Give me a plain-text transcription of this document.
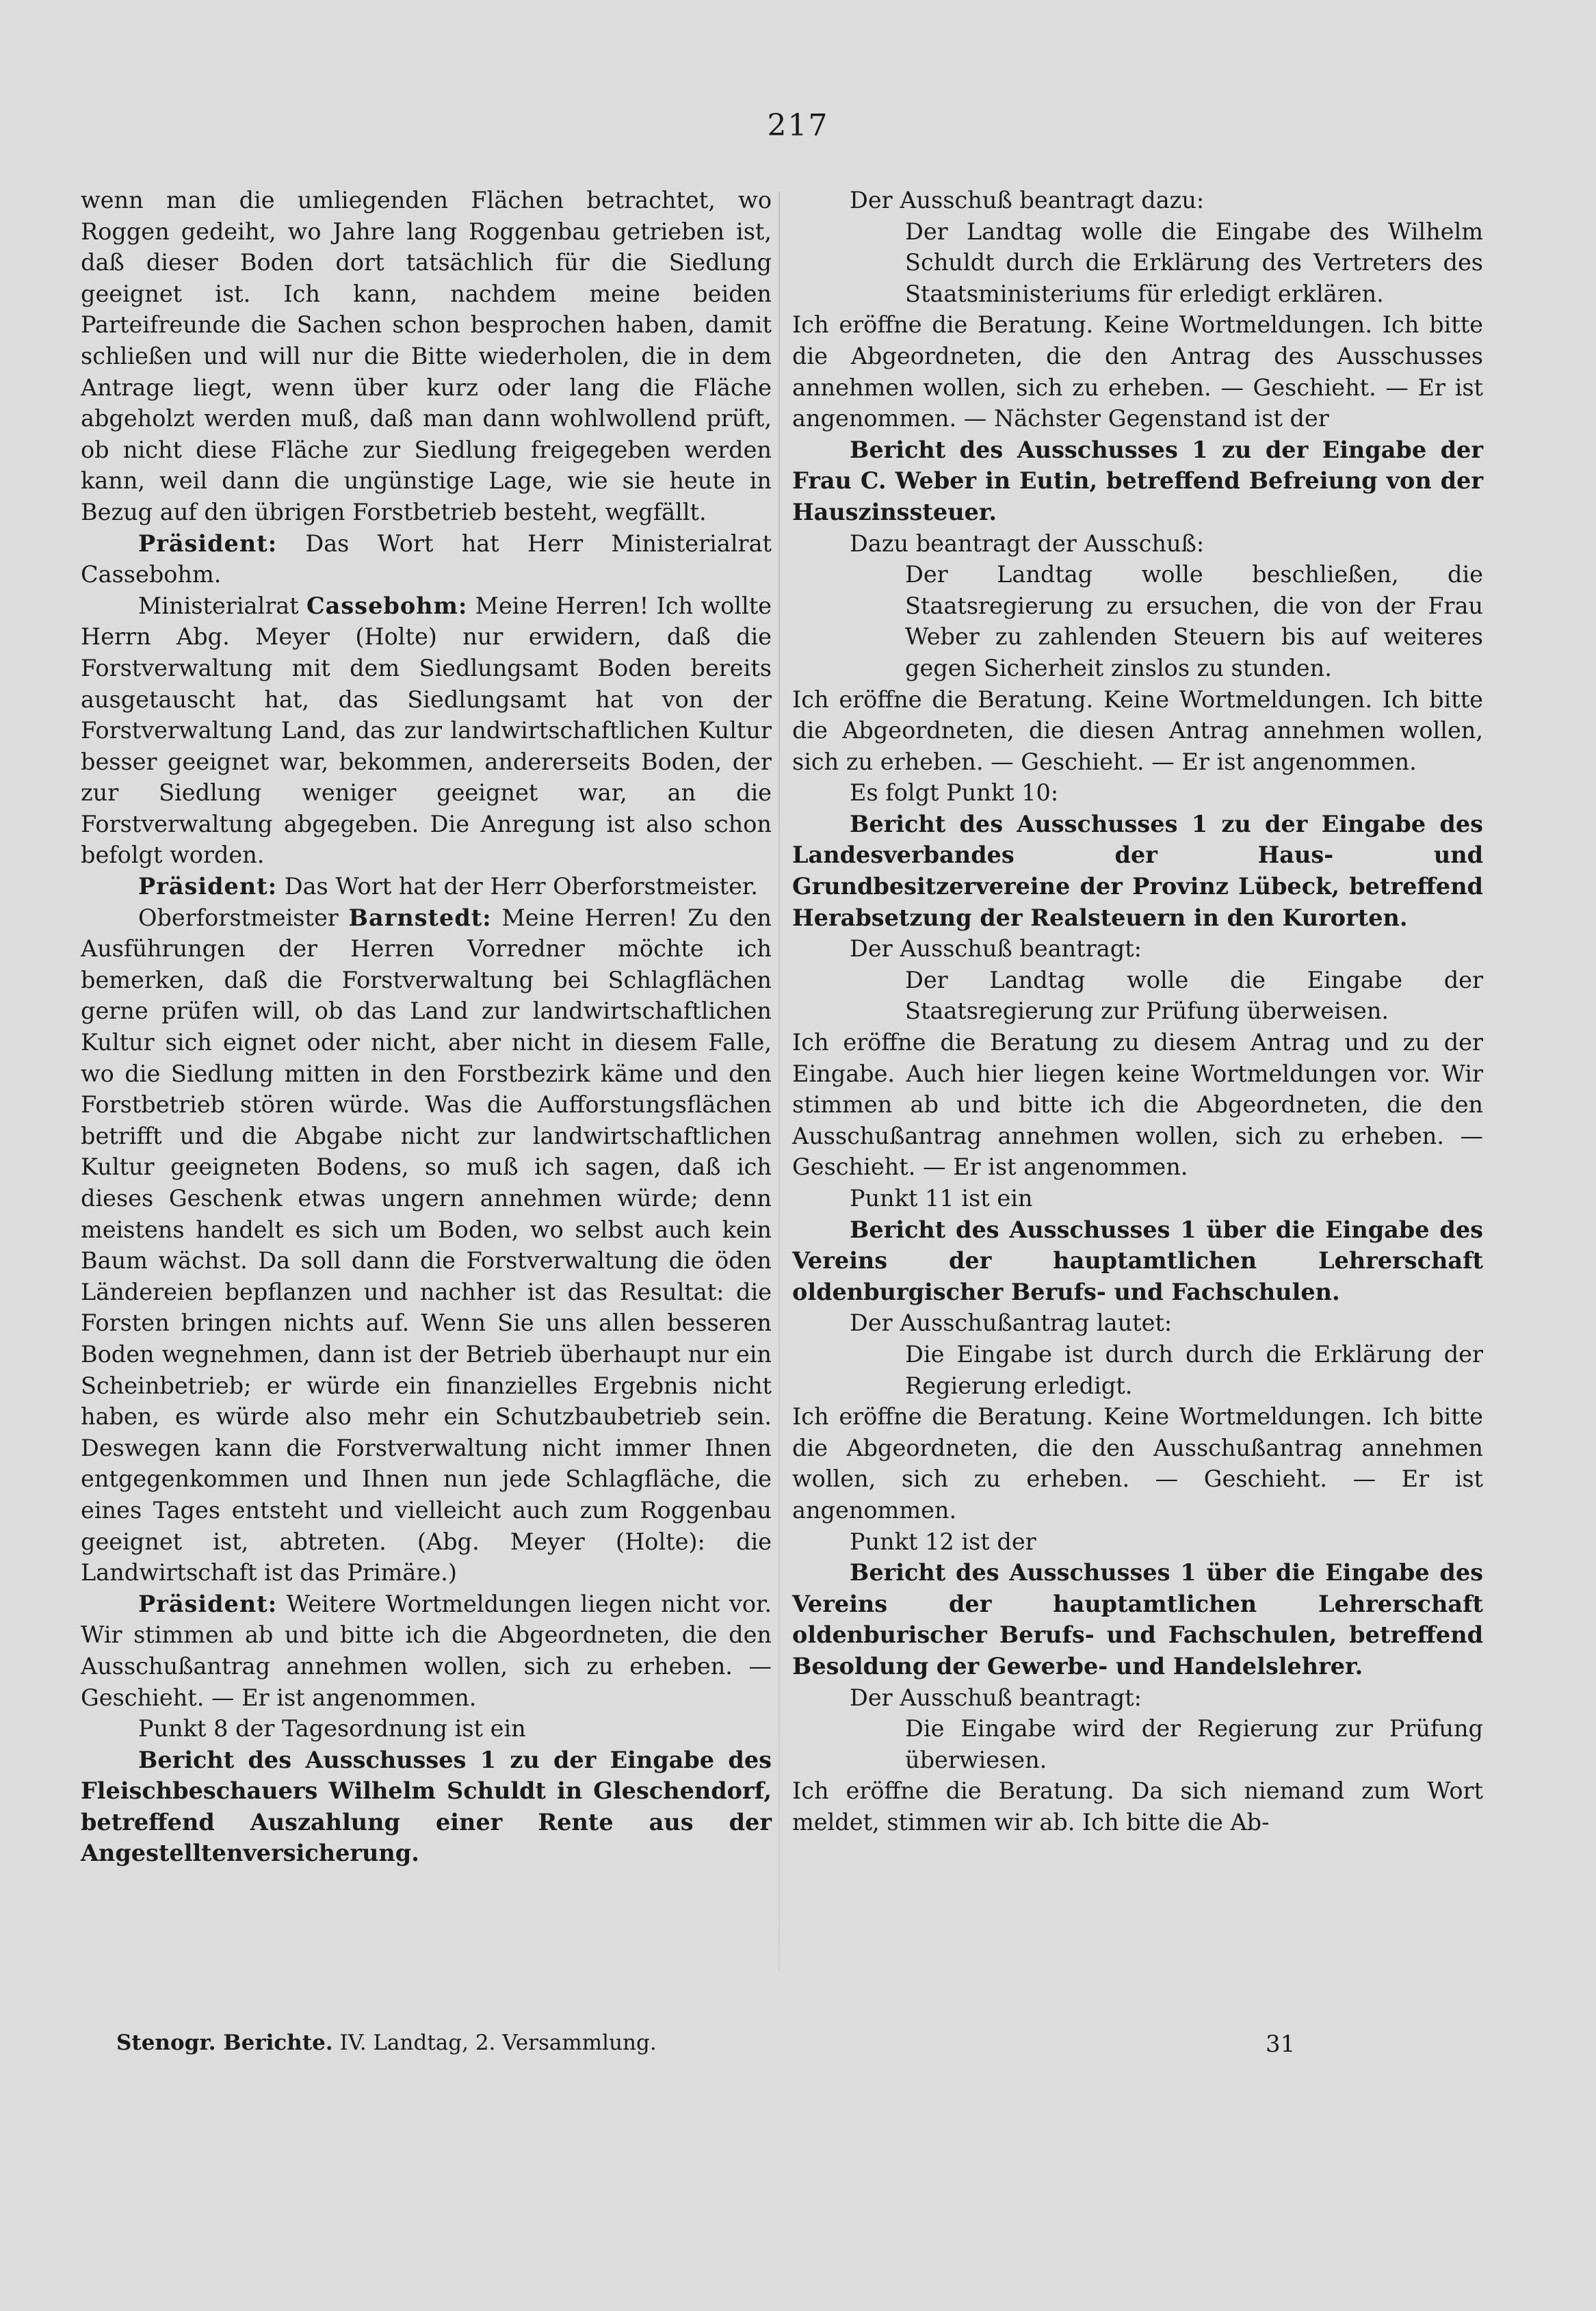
217

wenn man die umliegenden Flächen betrachtet, wo Roggen gedeiht, wo Jahre lang Roggenbau getrieben ist, daß dieser Boden dort tatsächlich für die Siedlung geeignet ist. Ich kann, nachdem meine beiden Parteifreunde die Sachen schon besprochen haben, damit schließen und will nur die Bitte wiederholen, die in dem Antrage liegt, wenn über kurz oder lang die Fläche abgeholzt werden muß, daß man dann wohlwollend prüft, ob nicht diese Fläche zur Siedlung freigegeben werden kann, weil dann die ungünstige Lage, wie sie heute in Bezug auf den übrigen Forstbetrieb besteht, wegfällt.

Präsident: Das Wort hat Herr Ministerialrat Cassebohm.

Ministerialrat Cassebohm: Meine Herren! Ich wollte Herrn Abg. Meyer (Holte) nur erwidern, daß die Forstverwaltung mit dem Siedlungsamt Boden bereits ausgetauscht hat, das Siedlungsamt hat von der Forstverwaltung Land, das zur landwirtschaftlichen Kultur besser geeignet war, bekommen, andererseits Boden, der zur Siedlung weniger geeignet war, an die Forstverwaltung abgegeben. Die Anregung ist also schon befolgt worden.

Präsident: Das Wort hat der Herr Oberforstmeister.

Oberforstmeister Barnstedt: Meine Herren! Zu den Ausführungen der Herren Vorredner möchte ich bemerken, daß die Forstverwaltung bei Schlagflächen gerne prüfen will, ob das Land zur landwirtschaftlichen Kultur sich eignet oder nicht, aber nicht in diesem Falle, wo die Siedlung mitten in den Forstbezirk käme und den Forstbetrieb stören würde. Was die Aufforstungsflächen betrifft und die Abgabe nicht zur landwirtschaftlichen Kultur geeigneten Bodens, so muß ich sagen, daß ich dieses Geschenk etwas ungern annehmen würde; denn meistens handelt es sich um Boden, wo selbst auch kein Baum wächst. Da soll dann die Forstverwaltung die öden Ländereien bepflanzen und nachher ist das Resultat: die Forsten bringen nichts auf. Wenn Sie uns allen besseren Boden wegnehmen, dann ist der Betrieb überhaupt nur ein Scheinbetrieb; er würde ein finanzielles Ergebnis nicht haben, es würde also mehr ein Schutzbaubetrieb sein. Deswegen kann die Forstverwaltung nicht immer Ihnen entgegenkommen und Ihnen nun jede Schlagfläche, die eines Tages entsteht und vielleicht auch zum Roggenbau geeignet ist, abtreten. (Abg. Meyer (Holte): die Landwirtschaft ist das Primäre.)

Präsident: Weitere Wortmeldungen liegen nicht vor. Wir stimmen ab und bitte ich die Abgeordneten, die den Ausschußantrag annehmen wollen, sich zu erheben. — Geschieht. — Er ist angenommen.

Punkt 8 der Tagesordnung ist ein

Bericht des Ausschusses 1 zu der Eingabe des Fleischbeschauers Wilhelm Schuldt in Gleschendorf, betreffend Auszahlung einer Rente aus der Angestelltenversicherung.

Der Ausschuß beantragt dazu:

Der Landtag wolle die Eingabe des Wilhelm Schuldt durch die Erklärung des Vertreters des Staatsministeriums für erledigt erklären.

Ich eröffne die Beratung. Keine Wortmeldungen. Ich bitte die Abgeordneten, die den Antrag des Ausschusses annehmen wollen, sich zu erheben. — Geschieht. — Er ist angenommen. — Nächster Gegenstand ist der

Bericht des Ausschusses 1 zu der Eingabe der Frau C. Weber in Eutin, betreffend Befreiung von der Hauszinssteuer.

Dazu beantragt der Ausschuß:

Der Landtag wolle beschließen, die Staatsregierung zu ersuchen, die von der Frau Weber zu zahlenden Steuern bis auf weiteres gegen Sicherheit zinslos zu stunden.

Ich eröffne die Beratung. Keine Wortmeldungen. Ich bitte die Abgeordneten, die diesen Antrag annehmen wollen, sich zu erheben. — Geschieht. — Er ist angenommen.

Es folgt Punkt 10:

Bericht des Ausschusses 1 zu der Eingabe des Landesverbandes der Haus- und Grundbesitzervereine der Provinz Lübeck, betreffend Herabsetzung der Realsteuern in den Kurorten.

Der Ausschuß beantragt:

Der Landtag wolle die Eingabe der Staatsregierung zur Prüfung überweisen.

Ich eröffne die Beratung zu diesem Antrag und zu der Eingabe. Auch hier liegen keine Wortmeldungen vor. Wir stimmen ab und bitte ich die Abgeordneten, die den Ausschußantrag annehmen wollen, sich zu erheben. — Geschieht. — Er ist angenommen.

Punkt 11 ist ein

Bericht des Ausschusses 1 über die Eingabe des Vereins der hauptamtlichen Lehrerschaft oldenburgischer Berufs- und Fachschulen.

Der Ausschußantrag lautet:

Die Eingabe ist durch durch die Erklärung der Regierung erledigt.

Ich eröffne die Beratung. Keine Wortmeldungen. Ich bitte die Abgeordneten, die den Ausschußantrag annehmen wollen, sich zu erheben. — Geschieht. — Er ist angenommen.

Punkt 12 ist der

Bericht des Ausschusses 1 über die Eingabe des Vereins der hauptamtlichen Lehrerschaft oldenburischer Berufs- und Fachschulen, betreffend Besoldung der Gewerbe- und Handelslehrer.

Der Ausschuß beantragt:

Die Eingabe wird der Regierung zur Prüfung überwiesen.

Ich eröffne die Beratung. Da sich niemand zum Wort meldet, stimmen wir ab. Ich bitte die Ab-

Stenogr. Berichte. IV. Landtag, 2. Versammlung.	31
